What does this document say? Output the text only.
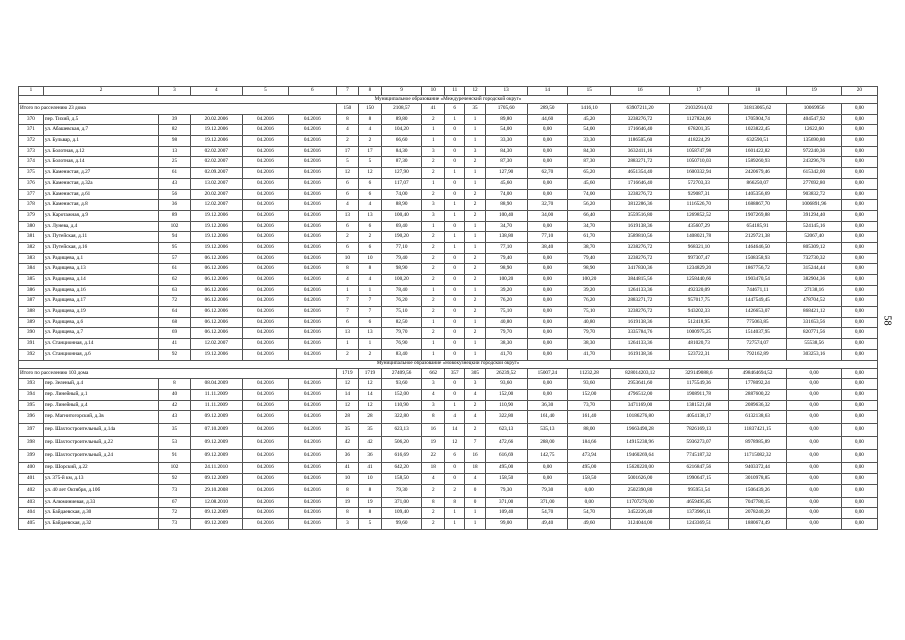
58
1	2	3	4	5	6	7	8	9	10	11	12	13	14	15	16	17	18	19	20
Муниципальное образование «Междуреченский городской округ»																			
Итого по расселению 23 дома						150	150	2108,57	41	6	35	1705,60	289,50	1416,10	63907211,20	21032914,02	31813065,62	10069956	0,00
370	пер. Тихий, д.5	39	20.02.2006	04.2016	04.2016	8	8	89,80	2	1	1	89,80	44,60	45,20	3238276,72	1127824,06	1705904,74	404547,92	0,00
371	ул. Абашевская, д.7	82	19.12.2006	04.2016	04.2016	4	4	104,20	1	0	1	54,00	0,00	54,00	1716646,40	678201,35	1023822,45	12622,60	0,00
372	ул. Бульвар, д.1	98	19.12.2006	04.2016	04.2016	2	2	66,60	1	0	1	33,30	0,00	33,30	1186505,60	418224,29	632590,51	135690,80	0,00
373	ул. Болотная, д.12	13	02.02.2007	04.2016	04.2016	17	17	84,30	3	0	3	84,30	0,00	84,30	3632411,16	1058747,98	1601422,82	972240,36	0,00
374	ул. Болотная, д.14	25	02.02.2007	04.2016	04.2016	5	5	87,30	2	0	2	87,30	0,00	87,30	2883271,72	1050710,03	1589260,93	243296,76	0,00
375	ул. Каменистая, д.27	61	02.09.2007	04.2016	04.2016	12	12	127,90	2	1	1	127,90	62,70	65,20	4651354,40	1600332,94	2420679,46	615342,00	0,00
376	ул. Каменистая, д.32а	43	13.02.2007	04.2016	04.2016	6	6	117,07	1	0	1	45,60	0,00	45,60	1716646,40	572703,33	866250,07	277692,80	0,00
377	ул. Каменистая, д.61	56	20.02.2007	04.2016	04.2016	6	6	74,00	2	0	2	74,00	0,00	74,00	3238276,72	929087,31	1405356,69	903832,72	0,00
378	ул. Каменистая, д.8	36	12.02.2007	04.2016	04.2016	4	4	88,90	3	1	2	88,90	32,70	56,20	3812286,36	1116526,70	1688867,70	1006891,96	0,00
379	ул. Каротажная, д.9	89	19.12.2006	04.2016	04.2016	13	13	100,40	3	1	2	100,40	34,00	66,40	3559516,80	1269852,52	1907269,88	391294,40	0,00
380	ул. Лунева, д.4	102	19.12.2006	04.2016	04.2016	6	6	69,40	1	0	1	34,70	0,00	34,70	1619138,36	435607,29	654185,91	524145,16	0,00
381	ул. Путейская, д.11	94	19.12.2006	04.2016	04.2016	2	2	190,20	2	1	1	138,80	77,10	61,70	3589810,56	1408021,78	2129721,38	52067,40	0,00
382	ул. Путейская, д.16	95	19.12.2006	04.2016	04.2016	6	6	77,10	2	1	1	77,10	38,40	38,70	3238276,72	968321,10	1464646,50	805309,12	0,00
383	ул. Радищева, д.1	57	06.12.2006	04.2016	04.2016	10	10	79,40	2	0	2	79,40	0,00	79,40	3238276,72	997307,47	1508358,93	732730,32	0,00
384	ул. Радищева, д.13	61	06.12.2006	04.2016	04.2016	8	8	98,90	2	0	2	98,90	0,00	98,90	3417830,36	1234829,20	1867756,72	315244,44	0,00
385	ул. Радищева, д.14	62	06.12.2006	04.2016	04.2016	4	4	100,20	2	0	2	100,20	0,00	100,20	3844815,56	1258440,66	1903470,54	382904,36	0,00
386	ул. Радищева, д.16	63	06.12.2006	04.2016	04.2016	1	1	78,40	1	0	1	39,20	0,00	39,20	1264133,36	492320,09	744671,11	27138,16	0,00
387	ул. Радищева, д.17	72	06.12.2006	04.2016	04.2016	7	7	76,20	2	0	2	76,20	0,00	76,20	2883271,72	957017,75	1447549,45	478704,52	0,00
388	ул. Радищева, д.19	64	06.12.2006	04.2016	04.2016	7	7	75,10	2	0	2	75,10	0,00	75,10	3238276,72	943202,33	1426653,07	868421,12	0,00
389	ул. Радищева, д.6	68	06.12.2006	04.2016	04.2016	6	6	82,50	1	0	1	40,80	0,00	40,80	1619138,36	512418,95	775063,85	331653,56	0,00
390	ул. Радищева, д.7	69	06.12.2006	04.2016	04.2016	13	13	79,70	2	0	2	79,70	0,00	79,70	3335784,76	1000975,25	1514037,95	820771,56	0,00
391	ул. Станционная, д.14	41	12.02.2007	04.2016	04.2016	1	1	76,90	1	0	1	38,30	0,00	38,30	1264133,36	481020,73	727574,07	55538,56	0,00
392	ул. Станционная, д.6	92	19.12.2006	04.2016	04.2016	2	2	83,40	1	0	1	41,70	0,00	41,70	1619138,36	523722,31	792162,89	303253,16	0,00
Муниципальное образование «Новокузнецкий городской округ»																			
Итого по расселению 103 дома						1719	1719	27409,56	662	357	305	26239,52	15007,24	11232,28	828014203,12	329149088,6	498464694,52	0,00	0,00
393	пер. Зеленый, д.4	8	08.04.2009	04.2016	04.2016	12	12	93,60	3	0	3	93,60	0,00	93,60	2953641,60	1175549,36	1778092,24	0,00	0,00
394	пер. Линейный, д.1	40	11.11.2009	04.2016	04.2016	14	14	152,00	4	0	4	152,00	0,00	152,00	4796512,00	1908911,78	2887600,22	0,00	0,00
395	пер. Линейный, д.4	42	11.11.2009	04.2016	04.2016	12	12	110,90	3	1	2	110,90	36,30	73,70	3471169,00	1381521,68	2089636,32	0,00	0,00
396	пер. Магнитогорский, д.3в	43	09.12.2009	04.2016	04.2016	28	28	322,80	8	4	4	322,80	161,40	161,40	10186276,80	4054138,17	6132138,63	0,00	0,00
397	пер. Шахтостроительный, д.14а	35	07.10.2009	04.2016	04.2016	35	35	623,13	16	14	2	623,13	535,13	88,00	19663490,28	7826169,13	11837421,15	0,00	0,00
398	пер. Шахтостроительный, д.22	53	09.12.2009	04.2016	04.2016	42	42	506,20	19	12	7	472,66	288,00	184,66	14915238,96	5936273,07	8978985,89	0,00	0,00
399	пер. Шахтостроительный, д.24	91	09.12.2009	04.2016	04.2016	36	36	616,69	22	6	16	616,69	142,75	473,94	19460269,64	7745187,32	11715082,32	0,00	0,00
400	пер. Шорский, д.22	102	24.11.2010	04.2016	04.2016	41	41	642,20	18	0	18	495,00	0,00	495,00	15620220,00	6216847,56	9403372,44	0,00	0,00
401	ул. 375-й км, д.13	92	09.12.2009	04.2016	04.2016	10	10	158,50	4	0	4	158,50	0,00	158,50	5001626,00	1990647,15	3010978,85	0,00	0,00
402	ул. 40 лет Октября, д.10б	73	29.10.2008	04.2016	04.2016	8	8	79,30	2	2	0	79,30	79,30	0,00	2502390,80	995951,54	1506439,26	0,00	0,00
403	ул. Алюминиевая, д.33	67	12.08.2010	04.2016	04.2016	19	19	371,00	8	8	0	371,00	371,00	0,00	11707276,00	4659495,85	7047780,15	0,00	0,00
404	ул. Байдаевская, д.30	72	09.12.2009	04.2016	04.2016	8	8	109,40	2	1	1	109,40	54,70	54,70	3452226,40	1373966,11	2078240,29	0,00	0,00
405	ул. Байдаевская, д.32	73	09.12.2009	04.2016	04.2016	3	5	99,60	2	1	1	99,00	49,40	49,60	3124044,00	1243369,51	1880674,49	0,00	0,00
